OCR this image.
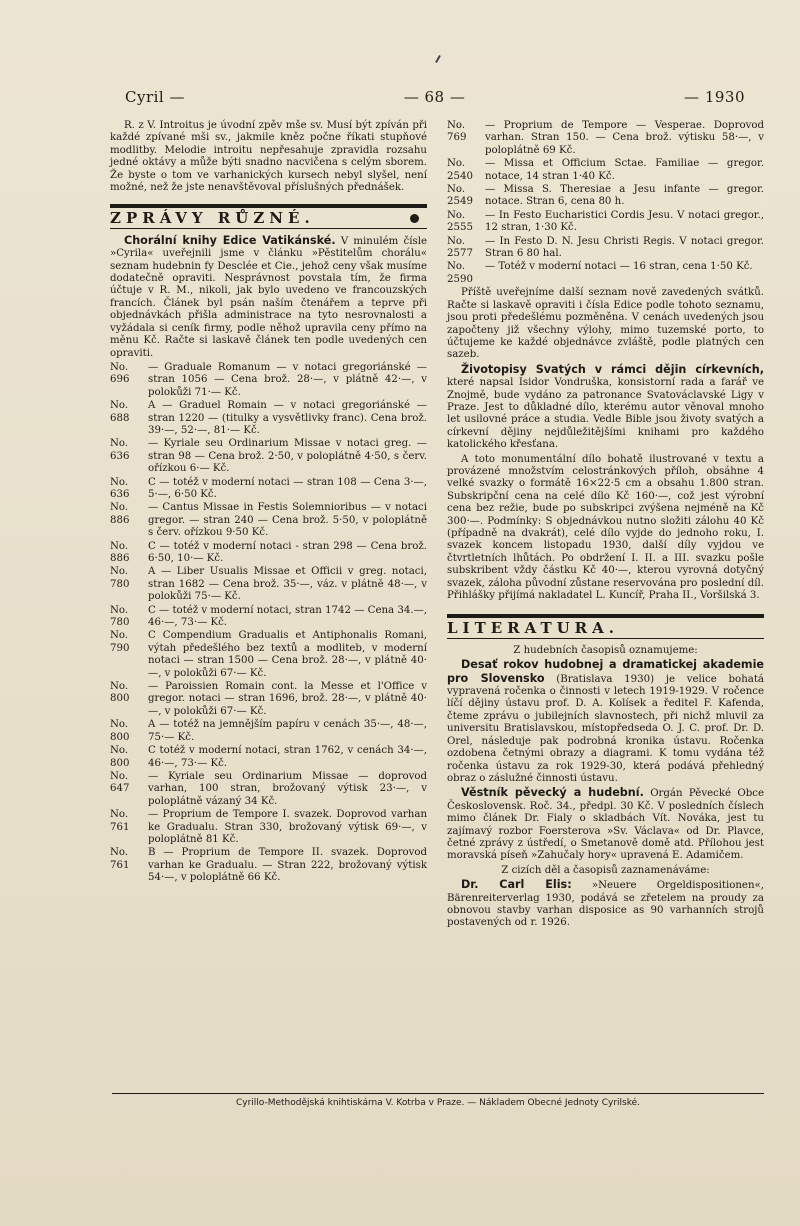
Cyril —	— 68 —	— 1930

R. z V. Introitus je úvodní zpěv mše sv. Musí být zpíván při každé zpívané mši sv., jakmile kněz počne říkati stupňové modlitby. Melodie introitu nepřesahuje zpravidla rozsahu jedné oktávy a může býti snadno nacvičena s celým sborem. Že byste o tom ve varhanických kursech nebyl slyšel, není možné, než že jste nenavštěvoval příslušných přednášek.

ZPRÁVY RŮZNÉ.

Chorální knihy Edice Vatikánské. V minulém čísle »Cyrila« uveřejnili jsme v článku »Pěstitelům chorálu« seznam hudebnin fy Desclée et Cie., jehož ceny však musíme dodatečně opraviti. Nesprávnost povstala tím, že firma účtuje v R. M., nikoli, jak bylo uvedeno ve francouzských francích. Článek byl psán naším čtenářem a teprve při objednávkách přišla administrace na tyto nesrovnalosti a vyžádala si ceník firmy, podle něhož upravila ceny přímo na měnu Kč. Račte si laskavě článek ten podle uvedených cen opraviti.

No. 696
— Graduale Romanum — v notaci gregoriánské — stran 1056 — Cena brož. 28·—, v plátně 42·—, v polokůži 71·— Kč.
No. 688
A — Graduel Romain — v notaci gregoriánské — stran 1220 — (titulky a vysvětlivky franc). Cena brož. 39·—, 52·—, 81·— Kč.
No. 636
— Kyriale seu Ordinarium Missae v notaci greg. — stran 98 — Cena brož. 2·50, v poloplátně 4·50, s červ. ořízkou 6·— Kč.
No. 636
C — totéž v moderní notaci — stran 108 — Cena 3·—, 5·—, 6·50 Kč.
No. 886
— Cantus Missae in Festis Solemnioribus — v notaci gregor. — stran 240 — Cena brož. 5·50, v poloplátně s červ. ořízkou 9·50 Kč.
No. 886
C — totéž v moderní notaci - stran 298 — Cena brož. 6·50, 10·— Kč.
No. 780
A — Liber Usualis Missae et Officii v greg. notaci, stran 1682 — Cena brož. 35·—, váz. v plátně 48·—, v polokůži 75·— Kč.
No. 780
C — totéž v moderní notaci, stran 1742 — Cena 34.—, 46·—, 73·— Kč.
No. 790
C Compendium Gradualis et Antiphonalis Romani, výtah předešlého bez textů a modliteb, v moderní notaci — stran 1500 — Cena brož. 28·—, v plátně 40·—, v polokůži 67·— Kč.
No. 800
— Paroissien Romain cont. la Messe et l'Office v gregor. notaci — stran 1696, brož. 28·—, v plátně 40· —, v polokůži 67·— Kč.
No. 800
A — totéž na jemnějším papíru v cenách 35·—, 48·—, 75·— Kč.
No. 800
C totéž v moderní notaci, stran 1762, v cenách 34·—, 46·—, 73·— Kč.
No. 647
— Kyriale seu Ordinarium Missae — doprovod varhan, 100 stran, brožovaný výtisk 23·—, v poloplátně vázaný 34 Kč.
No. 761
— Proprium de Tempore I. svazek. Doprovod varhan ke Gradualu. Stran 330, brožovaný výtisk 69·—, v poloplátně 81 Kč.
No. 761
B — Proprium de Tempore II. svazek. Doprovod varhan ke Gradualu. — Stran 222, brožovaný výtisk 54·—, v poloplátně 66 Kč.
No. 769
— Proprium de Tempore — Vesperae. Doprovod varhan. Stran 150. — Cena brož. výtisku 58·—, v poloplátně 69 Kč.
No. 2540
— Missa et Officium Sctae. Familiae — gregor. notace, 14 stran 1·40 Kč.
No. 2549
— Missa S. Theresiae a Jesu infante — gregor. notace. Stran 6, cena 80 h.
No. 2555
— In Festo Eucharistici Cordis Jesu. V notaci gregor., 12 stran, 1·30 Kč.
No. 2577
— In Festo D. N. Jesu Christi Regis. V notaci gregor. Stran 6 80 hal.
No. 2590
— Totéž v moderní notaci — 16 stran, cena 1·50 Kč.

Příště uveřejníme další seznam nově zavedených svátků. Račte si laskavě opraviti i čísla Edice podle tohoto seznamu, jsou proti předešlému pozměněna. V cenách uvedených jsou započteny již všechny výlohy, mimo tuzemské porto, to účtujeme ke každé objednávce zvláště, podle platných cen sazeb.

Životopisy Svatých v rámci dějin církevních, které napsal Isidor Vondruška, konsistorní rada a farář ve Znojmě, bude vydáno za patronance Svatováclavské Ligy v Praze. Jest to důkladné dílo, kterému autor věnoval mnoho let usilovné práce a studia. Vedle Bible jsou životy svatých a církevní dějiny nejdůležitějšími knihami pro každého katolického křesťana.

A toto monumentální dílo bohatě ilustrované v textu a provázené množstvím celostránkových příloh, obsáhne 4 velké svazky o formátě 16×22·5 cm a obsahu 1.800 stran. Subskripční cena na celé dílo Kč 160·—, což jest výrobní cena bez režie, bude po subskripci zvýšena nejméně na Kč 300·—. Podmínky: S objednávkou nutno složiti zálohu 40 Kč (případně na dvakrát), celé dílo vyjde do jednoho roku, I. svazek koncem listopadu 1930, další díly vyjdou ve čtvrtletních lhůtách. Po obdržení I. II. a III. svazku pošle subskribent vždy částku Kč 40·—, kterou vyrovná dotyčný svazek, záloha původní zůstane reservována pro poslední díl. Přihlášky přijímá nakladatel L. Kuncíř, Praha II., Voršilská 3.

LITERATURA.

Z hudebních časopisů oznamujeme:

Desať rokov hudobnej a dramatickej akademie pro Slovensko (Bratislava 1930) je velice bohatá vypravená ročenka o činnosti v letech 1919-1929. V ročence líčí dějiny ústavu prof. D. A. Kolísek a ředitel F. Kafenda, čteme zprávu o jubilejních slavnostech, při nichž mluvil za universitu Bratislavskou, místopředseda O. J. C. prof. Dr. D. Orel, následuje pak podrobná kronika ústavu. Ročenka ozdobena četnými obrazy a diagrami. K tomu vydána též ročenka ústavu za rok 1929-30, která podává přehledný obraz o záslužné činnosti ústavu.

Věstník pěvecký a hudební. Orgán Pěvecké Obce Československ. Roč. 34., předpl. 30 Kč. V posledních číslech mimo článek Dr. Fialy o skladbách Vít. Nováka, jest tu zajímavý rozbor Foersterova »Sv. Václava« od Dr. Plavce, četné zprávy z ústředí, o Smetanově domě atd. Přílohou jest moravská píseň »Zahučaly hory« upravená E. Adamičem.

Z cizích děl a časopisů zaznamenáváme:

Dr. Carl Elis: »Neuere Orgeldispositionen«, Bärenreiterverlag 1930, podává se zřetelem na proudy za obnovou stavby varhan disposice as 90 varhanních strojů postavených od r. 1926.

Cyrillo-Methodějská knihtiskárna V. Kotrba v Praze. — Nákladem Obecné Jednoty Cyrilské.
